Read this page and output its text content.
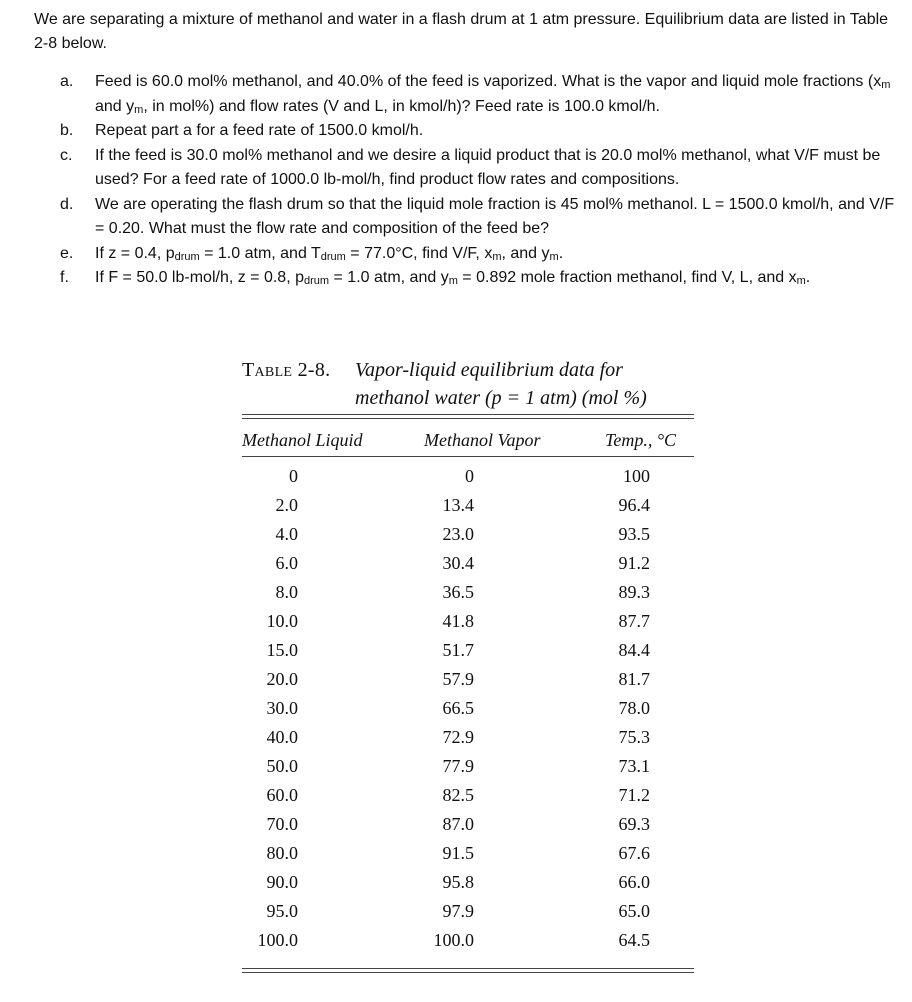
We are separating a mixture of methanol and water in a flash drum at 1 atm pressure. Equilibrium data are listed in Table 2-8 below.
a. Feed is 60.0 mol% methanol, and 40.0% of the feed is vaporized. What is the vapor and liquid mole fractions ($x_m$ and $y_m$, in mol%) and flow rates (V and L, in kmol/h)? Feed rate is 100.0 kmol/h.
b. Repeat part a for a feed rate of 1500.0 kmol/h.
c. If the feed is 30.0 mol% methanol and we desire a liquid product that is 20.0 mol% methanol, what V/F must be used? For a feed rate of 1000.0 lb-mol/h, find product flow rates and compositions.
d. We are operating the flash drum so that the liquid mole fraction is 45 mol% methanol. L = 1500.0 kmol/h, and V/F = 0.20. What must the flow rate and composition of the feed be?
e. If z = 0.4, $p_{drum} = 1.0$ atm, and $T_{drum} = 77.0^\circ C$, find V/F, $x_m$, and $y_m$.
f. If F = 50.0 lb-mol/h, z = 0.8, $p_{drum} = 1.0$ atm, and $y_m = 0.892$ mole fraction methanol, find V, L, and $x_m$.
Table 2-8. Vapor-liquid equilibrium data for
methanol water (p = 1 atm) (mol %)
Methanol Liquid	Methanol Vapor	Temp., °C
0	0	100
2.0	13.4	96.4
4.0	23.0	93.5
6.0	30.4	91.2
8.0	36.5	89.3
10.0	41.8	87.7
15.0	51.7	84.4
20.0	57.9	81.7
30.0	66.5	78.0
40.0	72.9	75.3
50.0	77.9	73.1
60.0	82.5	71.2
70.0	87.0	69.3
80.0	91.5	67.6
90.0	95.8	66.0
95.0	97.9	65.0
100.0	100.0	64.5
